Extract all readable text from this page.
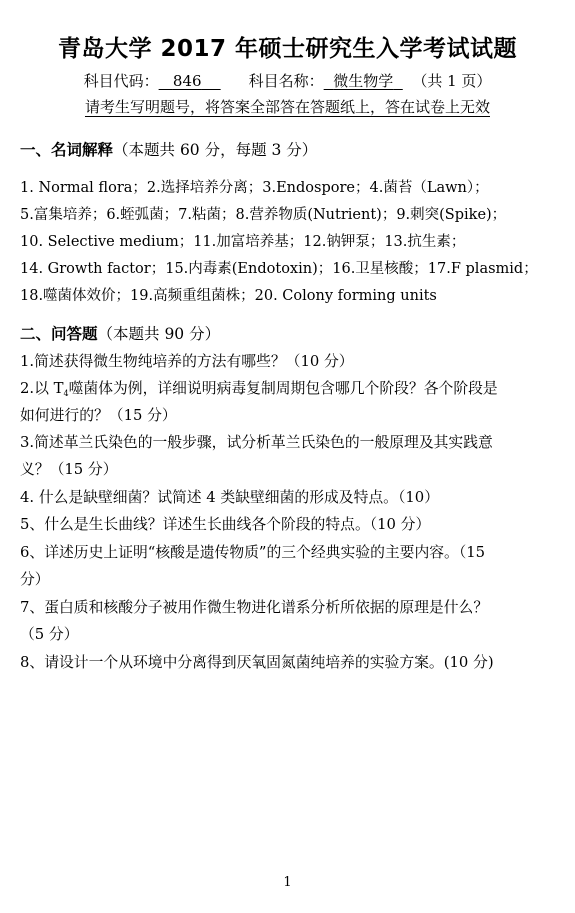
青岛大学 2017 年硕士研究生入学考试试题
科目代码： 846	科目名称： 微生物学 （共 1 页）
请考生写明题号，将答案全部答在答题纸上，答在试卷上无效
一、名词解释（本题共 60 分，每题 3 分）
1. Normal flora；2.选择培养分离；3.Endospore；4.菌苔（Lawn）；
5.富集培养；6.蛭弧菌；7.粘菌；8.营养物质(Nutrient)；9.刺突(Spike)；
10. Selective medium；11.加富培养基；12.钠钾泵；13.抗生素；
14. Growth factor；15.内毒素(Endotoxin)；16.卫星核酸；17.F plasmid；
18.噬菌体效价；19.高频重组菌株；20. Colony forming units
二、问答题（本题共 90 分）
1.简述获得微生物纯培养的方法有哪些？（10 分）
2.以 $T_4$噬菌体为例，详细说明病毒复制周期包含哪几个阶段？各个阶段是
如何进行的？（15 分）
3.简述革兰氏染色的一般步骤，试分析革兰氏染色的一般原理及其实践意
义？（15 分）
4. 什么是缺壁细菌？试简述 4 类缺壁细菌的形成及特点。（10）
5、什么是生长曲线？详述生长曲线各个阶段的特点。（10 分）
6、详述历史上证明“核酸是遗传物质”的三个经典实验的主要内容。（15
分）
7、蛋白质和核酸分子被用作微生物进化谱系分析所依据的原理是什么？
（5 分）
8、请设计一个从环境中分离得到厌氧固氮菌纯培养的实验方案。(10 分)
1
